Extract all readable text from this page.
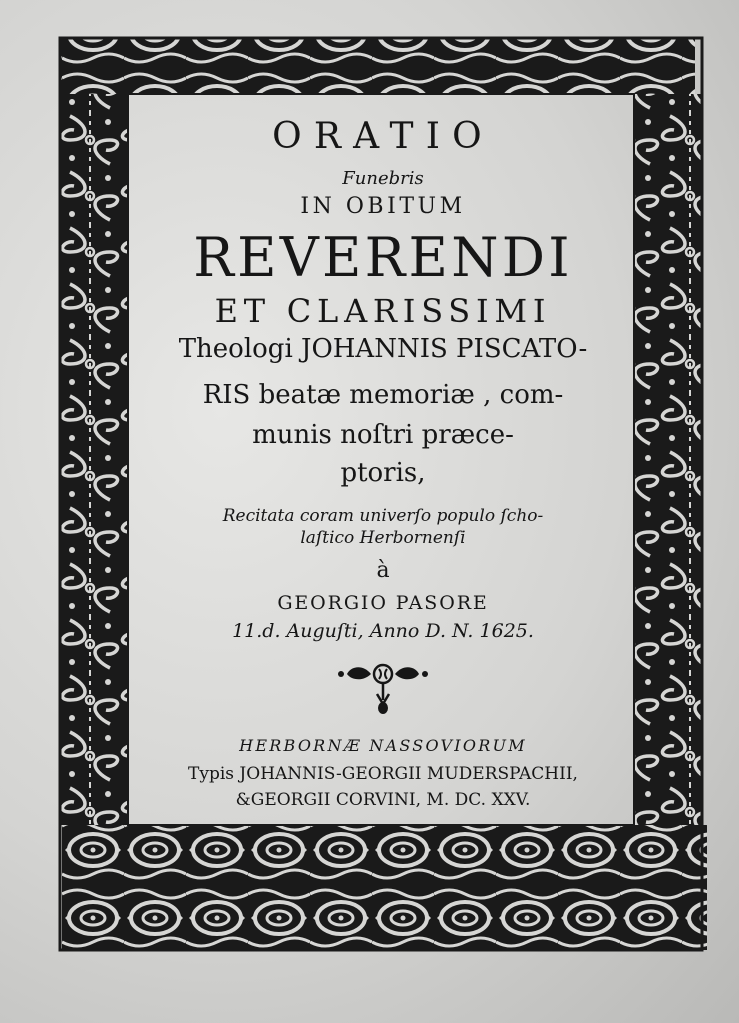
ORATIO
Funebris
IN OBITUM
REVERENDI
ET CLARISSIMI
Theologi JOHANNIS PISCATO-
RIS beatæ memoriæ , com-
munis noſtri præce-
ptoris,
Recitata coram univerſo populo ſcho-
laſtico Herbornenſi
à
GEORGIO PASORE
11.d. Auguſti, Anno D. N. 1625.
HERBORNÆ NASSOVIORUM
Typis JOHANNIS-GEORGII MUDERSPACHII,
&GEORGII CORVINI, M. DC. XXV.
